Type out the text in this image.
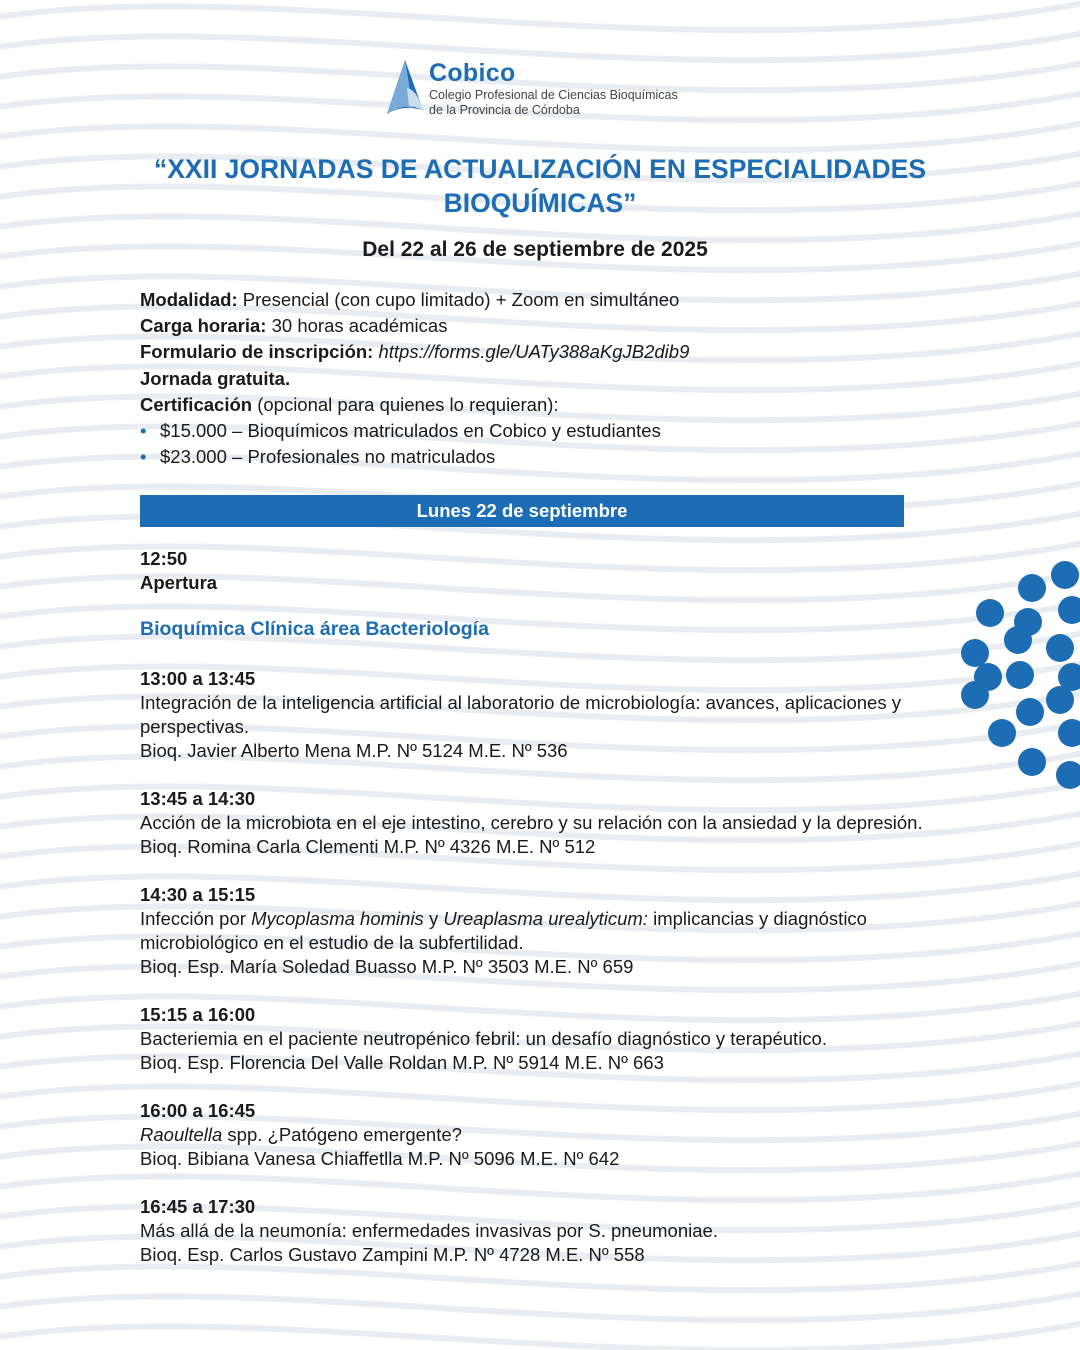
Cobico
Colegio Profesional de Ciencias Bioquímicas
de la Provincia de Córdoba
“XXII JORNADAS DE ACTUALIZACIÓN EN ESPECIALIDADES BIOQUÍMICAS”
Del 22 al 26 de septiembre de 2025
Modalidad: Presencial (con cupo limitado) + Zoom en simultáneo
Carga horaria: 30 horas académicas
Formulario de inscripción: https://forms.gle/UATy388aKgJB2dib9
Jornada gratuita.
Certificación (opcional para quienes lo requieran):
• $15.000 – Bioquímicos matriculados en Cobico y estudiantes
• $23.000 – Profesionales no matriculados
Lunes 22 de septiembre
12:50
Apertura
Bioquímica Clínica área Bacteriología
13:00 a 13:45
Integración de la inteligencia artificial al laboratorio de microbiología: avances, aplicaciones y perspectivas.
Bioq. Javier Alberto Mena M.P. Nº 5124 M.E. Nº 536
13:45 a 14:30
Acción de la microbiota en el eje intestino, cerebro y su relación con la ansiedad y la depresión.
Bioq. Romina Carla Clementi M.P. Nº 4326 M.E. Nº 512
14:30 a 15:15
Infección por Mycoplasma hominis y Ureaplasma urealyticum: implicancias y diagnóstico microbiológico en el estudio de la subfertilidad.
Bioq. Esp. María Soledad Buasso M.P. Nº 3503 M.E. Nº 659
15:15 a 16:00
Bacteriemia en el paciente neutropénico febril: un desafío diagnóstico y terapéutico.
Bioq. Esp. Florencia Del Valle Roldan M.P. Nº 5914 M.E. Nº 663
16:00 a 16:45
Raoultella spp. ¿Patógeno emergente?
Bioq. Bibiana Vanesa Chiaffetlla M.P. Nº 5096 M.E. Nº 642
16:45 a 17:30
Más allá de la neumonía: enfermedades invasivas por S. pneumoniae.
Bioq. Esp. Carlos Gustavo Zampini M.P. Nº 4728 M.E. Nº 558
